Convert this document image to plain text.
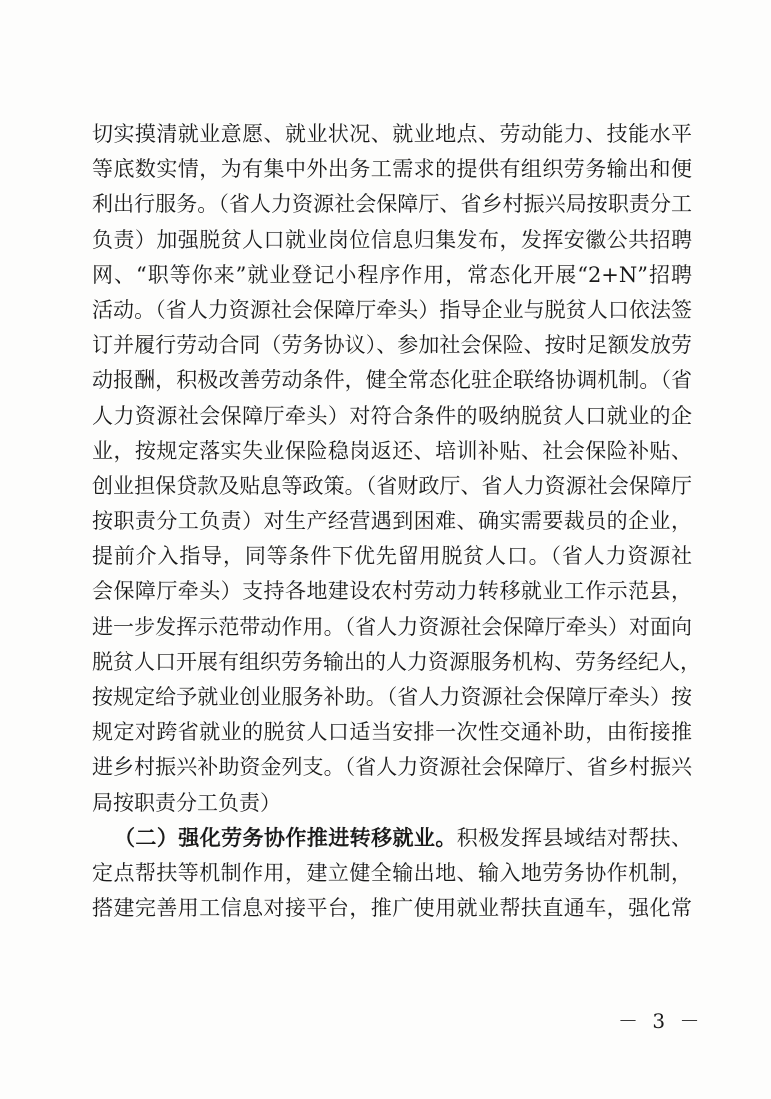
切实摸清就业意愿、就业状况、就业地点、劳动能力、技能水平
等底数实情，为有集中外出务工需求的提供有组织劳务输出和便
利出行服务。（省人力资源社会保障厅、省乡村振兴局按职责分工
负责）加强脱贫人口就业岗位信息归集发布，发挥安徽公共招聘
网、“职等你来”就业登记小程序作用，常态化开展“2+N”招聘
活动。（省人力资源社会保障厅牵头）指导企业与脱贫人口依法签
订并履行劳动合同（劳务协议）、参加社会保险、按时足额发放劳
动报酬，积极改善劳动条件，健全常态化驻企联络协调机制。（省
人力资源社会保障厅牵头）对符合条件的吸纳脱贫人口就业的企
业，按规定落实失业保险稳岗返还、培训补贴、社会保险补贴、
创业担保贷款及贴息等政策。（省财政厅、省人力资源社会保障厅
按职责分工负责）对生产经营遇到困难、确实需要裁员的企业，
提前介入指导，同等条件下优先留用脱贫人口。（省人力资源社
会保障厅牵头）支持各地建设农村劳动力转移就业工作示范县，
进一步发挥示范带动作用。（省人力资源社会保障厅牵头）对面向
脱贫人口开展有组织劳务输出的人力资源服务机构、劳务经纪人，
按规定给予就业创业服务补助。（省人力资源社会保障厅牵头）按
规定对跨省就业的脱贫人口适当安排一次性交通补助，由衔接推
进乡村振兴补助资金列支。（省人力资源社会保障厅、省乡村振兴
局按职责分工负责）
（二）强化劳务协作推进转移就业。积极发挥县域结对帮扶、
定点帮扶等机制作用，建立健全输出地、输入地劳务协作机制，
搭建完善用工信息对接平台，推广使用就业帮扶直通车，强化常
－ 3 －
